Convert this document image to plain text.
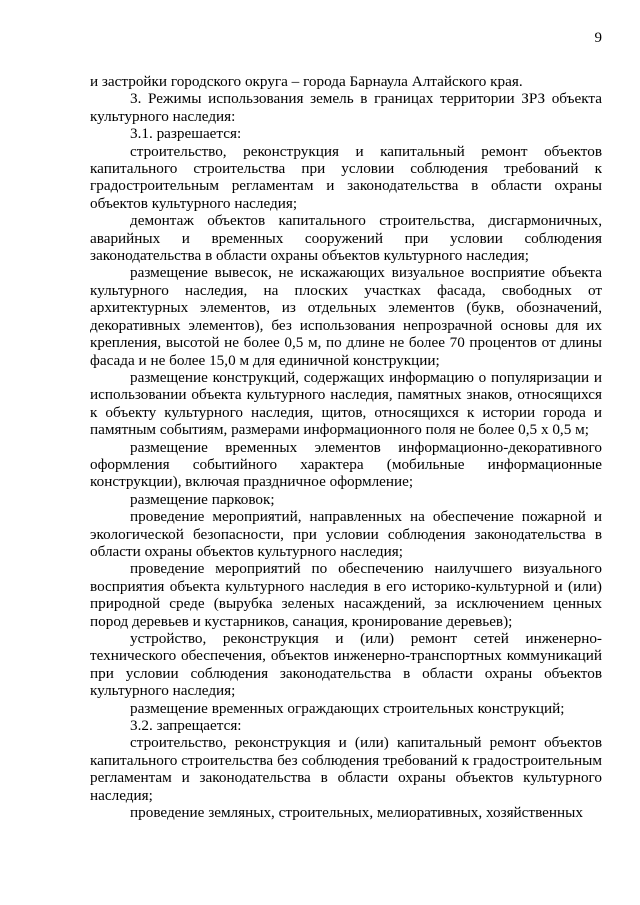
9

и застройки городского округа – города Барнаула Алтайского края.

3. Режимы использования земель в границах территории ЗРЗ объекта культурного наследия:

3.1. разрешается:

строительство, реконструкция и капитальный ремонт объектов капитального строительства при условии соблюдения требований к градостроительным регламентам и законодательства в области охраны объектов культурного наследия;

демонтаж объектов капитального строительства, дисгармоничных, аварийных и временных сооружений при условии соблюдения законодательства в области охраны объектов культурного наследия;

размещение вывесок, не искажающих визуальное восприятие объекта культурного наследия, на плоских участках фасада, свободных от архитектурных элементов, из отдельных элементов (букв, обозначений, декоративных элементов), без использования непрозрачной основы для их крепления, высотой не более 0,5 м, по длине не более 70 процентов от длины фасада и не более 15,0 м для единичной конструкции;

размещение конструкций, содержащих информацию о популяризации и использовании объекта культурного наследия, памятных знаков, относящихся к объекту культурного наследия, щитов, относящихся к истории города и памятным событиям, размерами информационного поля не более 0,5 х 0,5 м;

размещение временных элементов информационно-декоративного оформления событийного характера (мобильные информационные конструкции), включая праздничное оформление;

размещение парковок;

проведение мероприятий, направленных на обеспечение пожарной и экологической безопасности, при условии соблюдения законодательства в области охраны объектов культурного наследия;

проведение мероприятий по обеспечению наилучшего визуального восприятия объекта культурного наследия в его историко-культурной и (или) природной среде (вырубка зеленых насаждений, за исключением ценных пород деревьев и кустарников, санация, кронирование деревьев);

устройство, реконструкция и (или) ремонт сетей инженерно-технического обеспечения, объектов инженерно-транспортных коммуникаций при условии соблюдения законодательства в области охраны объектов культурного наследия;

размещение временных ограждающих строительных конструкций;

3.2. запрещается:

строительство, реконструкция и (или) капитальный ремонт объектов капитального строительства без соблюдения требований к градостроительным регламентам и законодательства в области охраны объектов культурного наследия;

проведение земляных, строительных, мелиоративных, хозяйственных
